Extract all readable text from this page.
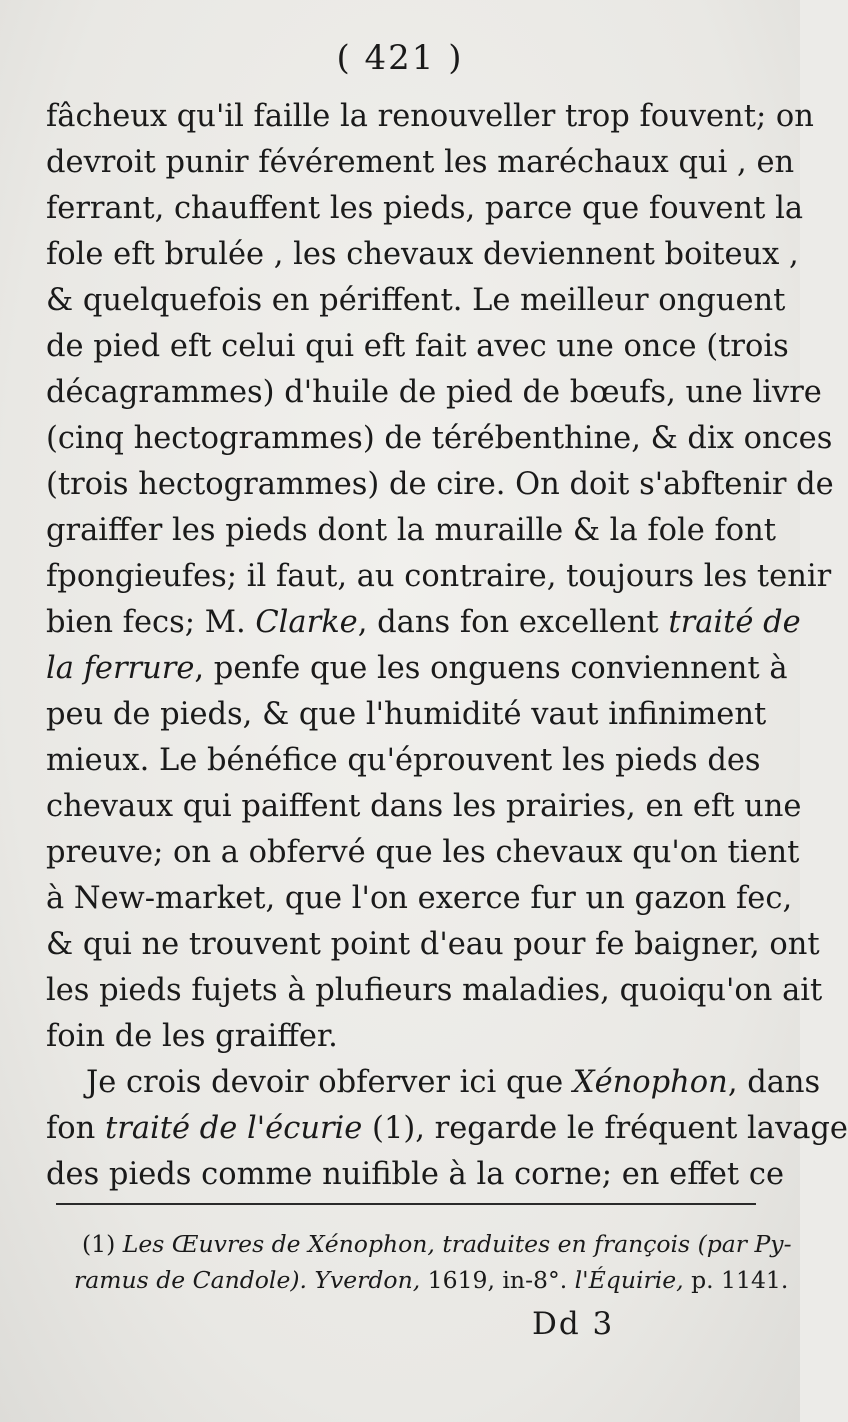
( 421 )
fâcheux qu'il faille la renouveller trop fouvent; on
devroit punir févérement les maréchaux qui , en
ferrant, chauffent les pieds, parce que fouvent la
fole eft brulée , les chevaux deviennent boiteux ,
& quelquefois en périffent. Le meilleur onguent
de pied eft celui qui eft fait avec une once (trois
décagrammes) d'huile de pied de bœufs, une livre
(cinq hectogrammes) de térébenthine, & dix onces
(trois hectogrammes) de cire. On doit s'abftenir de
graiffer les pieds dont la muraille & la fole font
fpongieufes; il faut, au contraire, toujours les tenir
bien fecs; M. Clarke, dans fon excellent traité de
la ferrure, penfe que les onguens conviennent à
peu de pieds, & que l'humidité vaut infiniment
mieux. Le bénéfice qu'éprouvent les pieds des
chevaux qui paiffent dans les prairies, en eft une
preuve; on a obfervé que les chevaux qu'on tient
à New-market, que l'on exerce fur un gazon fec,
& qui ne trouvent point d'eau pour fe baigner, ont
les pieds fujets à plufieurs maladies, quoiqu'on ait
foin de les graiffer.
Je crois devoir obferver ici que Xénophon, dans
fon traité de l'écurie (1), regarde le fréquent lavage
des pieds comme nuifible à la corne; en effet ce
(1) Les Œuvres de Xénophon, traduites en françois (par Py-
ramus de Candole). Yverdon, 1619, in-8°. l'Équirie, p. 1141.
Dd 3
